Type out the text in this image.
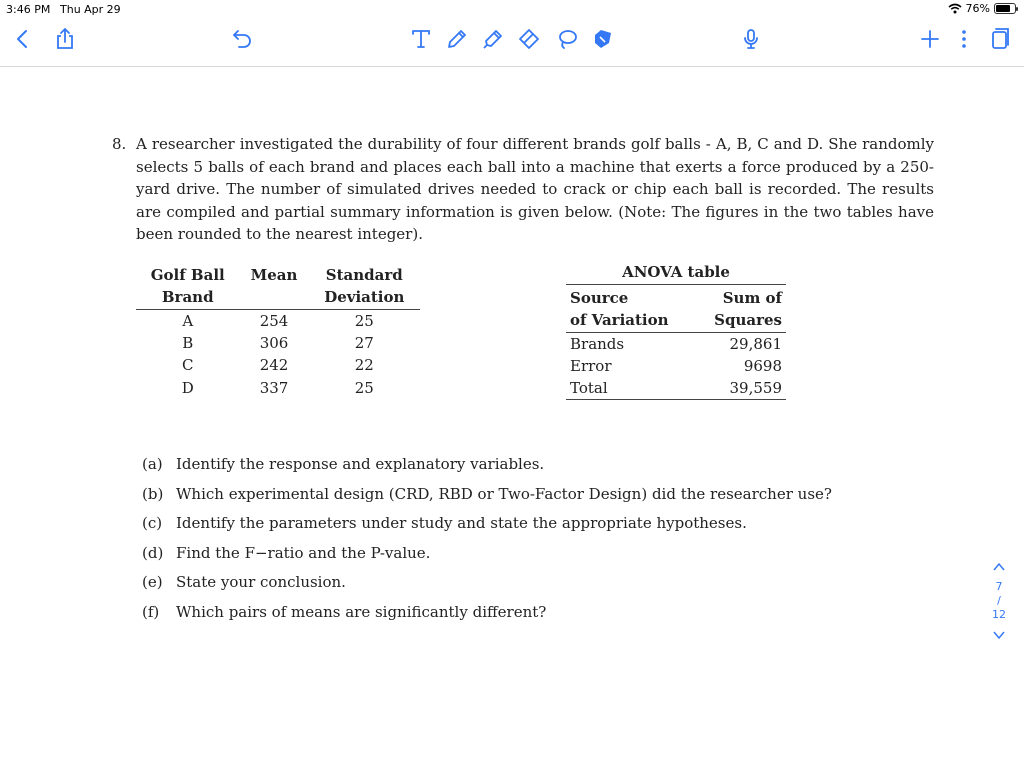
3:46 PM Thu Apr 29	76%
8. A researcher investigated the durability of four different brands golf balls - A, B, C and D. She randomly selects 5 balls of each brand and places each ball into a machine that exerts a force produced by a 250-yard drive. The number of simulated drives needed to crack or chip each ball is recorded. The results are compiled and partial summary information is given below. (Note: The figures in the two tables have been rounded to the nearest integer).
Golf Ball	Mean	Standard
Brand		Deviation
A	254	25
B	306	27
C	242	22
D	337	25
ANOVA table
Source	Sum of
of Variation	Squares
Brands	29,861
Error	9698
Total	39,559
(a) Identify the response and explanatory variables.
(b) Which experimental design (CRD, RBD or Two-Factor Design) did the researcher use?
(c) Identify the parameters under study and state the appropriate hypotheses.
(d) Find the F−ratio and the P-value.
(e) State your conclusion.
(f)	Which pairs of means are significantly different?
7
/
12
